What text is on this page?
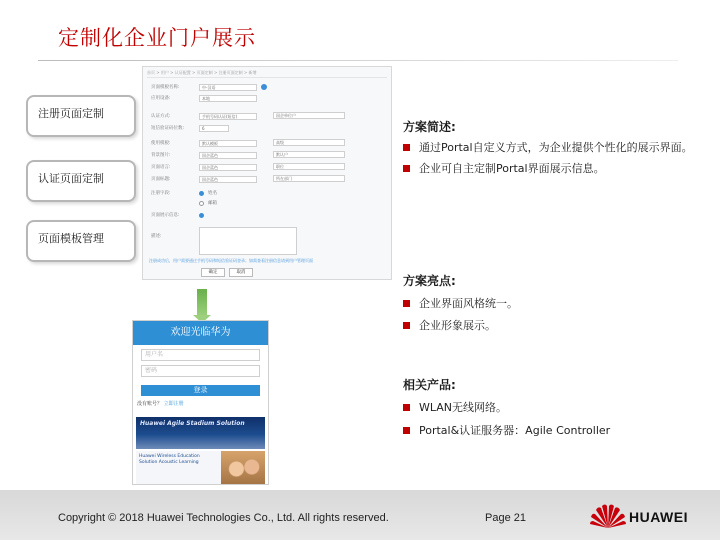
定制化企业门户展示
注册页面定制
认证页面定制
页面模板管理
首页 > 用户 > 认证配置 > 页面定制 > 注册页面定制 > 新增
页面模板名称:	中-汉语
应用设备:	本地
认证方式:	手机号码认证(短信)	国企单位户
短信验证码位数:	6
使用模板:	默认模板	高级
背景图片:	国企蓝色	默认户
页面语言:	国企蓝色	职位
页面标题:	国企蓝色	所在部门
注册字段:	姓名
邮箱
页面展示信息:
描述:
注册成功后，用户需要通过手机号码和短信验证码登录；如需查看注册信息请到用户管理页面
确定	取消
欢迎光临华为
用户名
密码
登录
没有账号？ 立即注册
Huawei Agile Stadium Solution
Huawei Wireless Education Solution Acoustic Learning
方案简述:
通过Portal自定义方式，为企业提供个性化的展示界面。
企业可自主定制Portal界面展示信息。
方案亮点:
企业界面风格统一。
企业形象展示。
相关产品:
WLAN无线网络。
Portal&认证服务器：Agile Controller
Copyright © 2018 Huawei Technologies Co., Ltd. All rights reserved.	Page 21	HUAWEI
